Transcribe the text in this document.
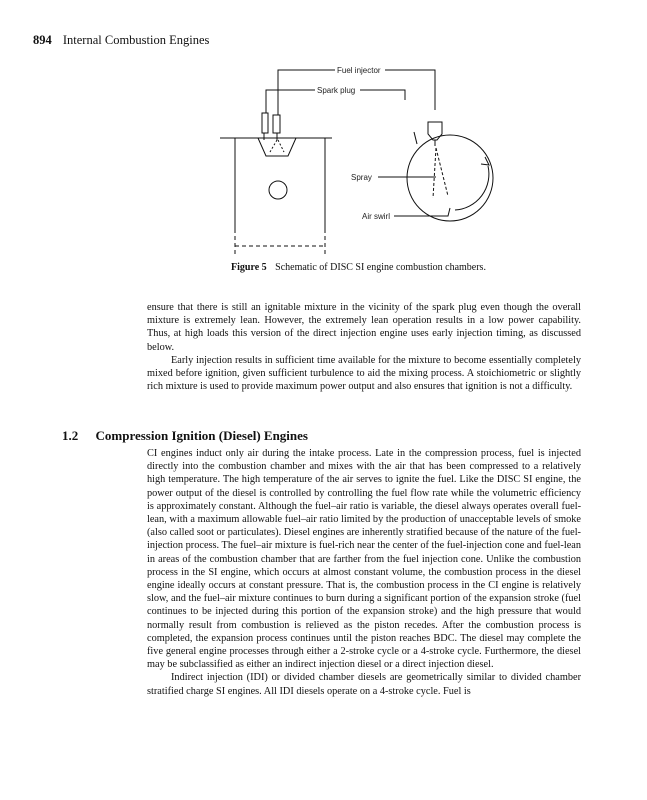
894 Internal Combustion Engines
Fuel injector
Spark plug
Spray
Air swirl
Figure 5 Schematic of DISC SI engine combustion chambers.

ensure that there is still an ignitable mixture in the vicinity of the spark plug even though the overall mixture is extremely lean. However, the extremely lean operation results in a low power capability. Thus, at high loads this version of the direct injection engine uses early injection timing, as discussed below.

Early injection results in sufficient time available for the mixture to become essentially completely mixed before ignition, given sufficient turbulence to aid the mixing process. A stoichiometric or slightly rich mixture is used to provide maximum power output and also ensures that ignition is not a difficulty.

1.2 Compression Ignition (Diesel) Engines

CI engines induct only air during the intake process. Late in the compression process, fuel is injected directly into the combustion chamber and mixes with the air that has been compressed to a relatively high temperature. The high temperature of the air serves to ignite the fuel. Like the DISC SI engine, the power output of the diesel is controlled by controlling the fuel flow rate while the volumetric efficiency is approximately constant. Although the fuel–air ratio is variable, the diesel always operates overall fuel-lean, with a maximum allowable fuel–air ratio limited by the production of unacceptable levels of smoke (also called soot or particulates). Diesel engines are inherently stratified because of the nature of the fuel-injection process. The fuel–air mixture is fuel-rich near the center of the fuel-injection cone and fuel-lean in areas of the combustion chamber that are farther from the fuel injection cone. Unlike the combustion process in the SI engine, which occurs at almost constant volume, the combustion process in the diesel engine ideally occurs at constant pressure. That is, the combustion process in the CI engine is relatively slow, and the fuel–air mixture continues to burn during a significant portion of the expansion stroke (fuel continues to be injected during this portion of the expansion stroke) and the high pressure that would normally result from combustion is relieved as the piston recedes. After the combustion process is completed, the expansion process continues until the piston reaches BDC. The diesel may complete the five general engine processes through either a 2-stroke cycle or a 4-stroke cycle. Furthermore, the diesel may be subclassified as either an indirect injection diesel or a direct injection diesel.

Indirect injection (IDI) or divided chamber diesels are geometrically similar to divided chamber stratified charge SI engines. All IDI diesels operate on a 4-stroke cycle. Fuel is
